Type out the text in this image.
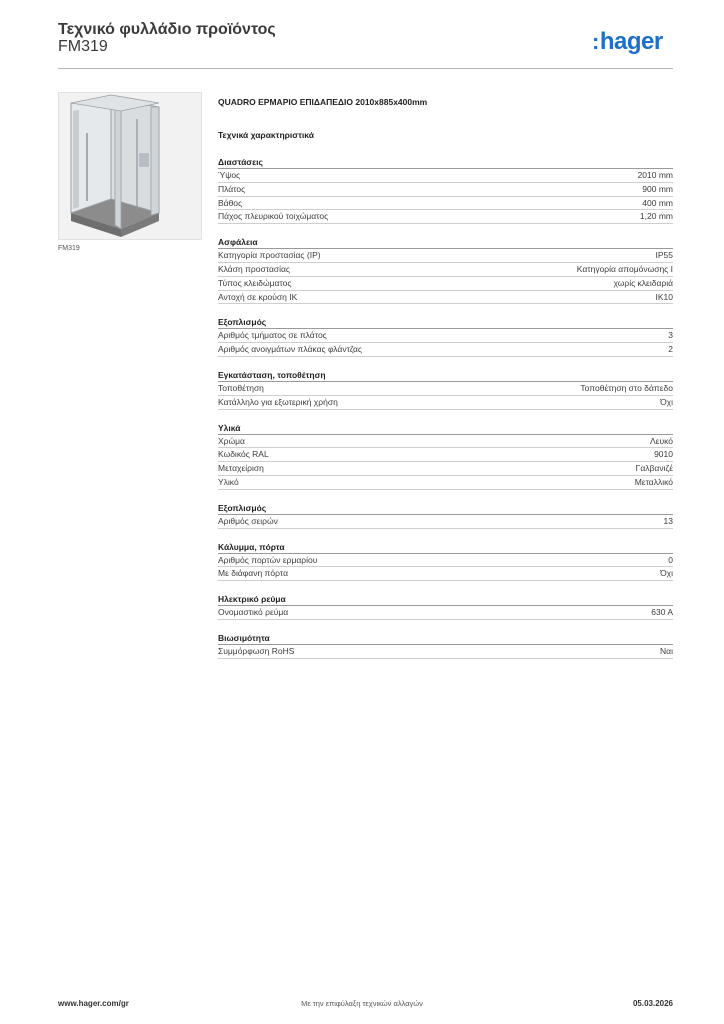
Τεχνικό φυλλάδιο προϊόντος
FM319	:hager
FM319
QUADRO ΕΡΜΑΡΙΟ ΕΠΙΔΑΠΕΔΙΟ 2010x885x400mm
Τεχνικά χαρακτηριστικά
Διαστάσεις
Ύψος	2010 mm
Πλάτος	900 mm
Βάθος	400 mm
Πάχος πλευρικού τοιχώματος	1,20 mm
Ασφάλεια
Κατηγορία προστασίας (IP)	IP55
Κλάση προστασίας	Κατηγορία απομόνωσης I
Τύπος κλειδώματος	χωρίς κλειδαριά
Αντοχή σε κρούση IK	IK10
Εξοπλισμός
Αριθμός τμήματος σε πλάτος	3
Αριθμός ανοιγμάτων πλάκας φλάντζας	2
Εγκατάσταση, τοποθέτηση
Τοποθέτηση	Τοποθέτηση στο δάπεδο
Κατάλληλο για εξωτερική χρήση	Όχι
Υλικά
Χρώμα	Λευκό
Κωδικός RAL	9010
Μεταχείριση	Γαλβανιζέ
Υλικό	Μεταλλικό
Εξοπλισμός
Αριθμός σειρών	13
Κάλυμμα, πόρτα
Αριθμός πορτών ερμαρίου	0
Με διάφανη πόρτα	Όχι
Ηλεκτρικό ρεύμα
Ονομαστικό ρεύμα	630 A
Βιωσιμότητα
Συμμόρφωση RoHS	Ναι
www.hager.com/gr	Με την επιφύλαξη τεχνικών αλλαγών	05.03.2026
